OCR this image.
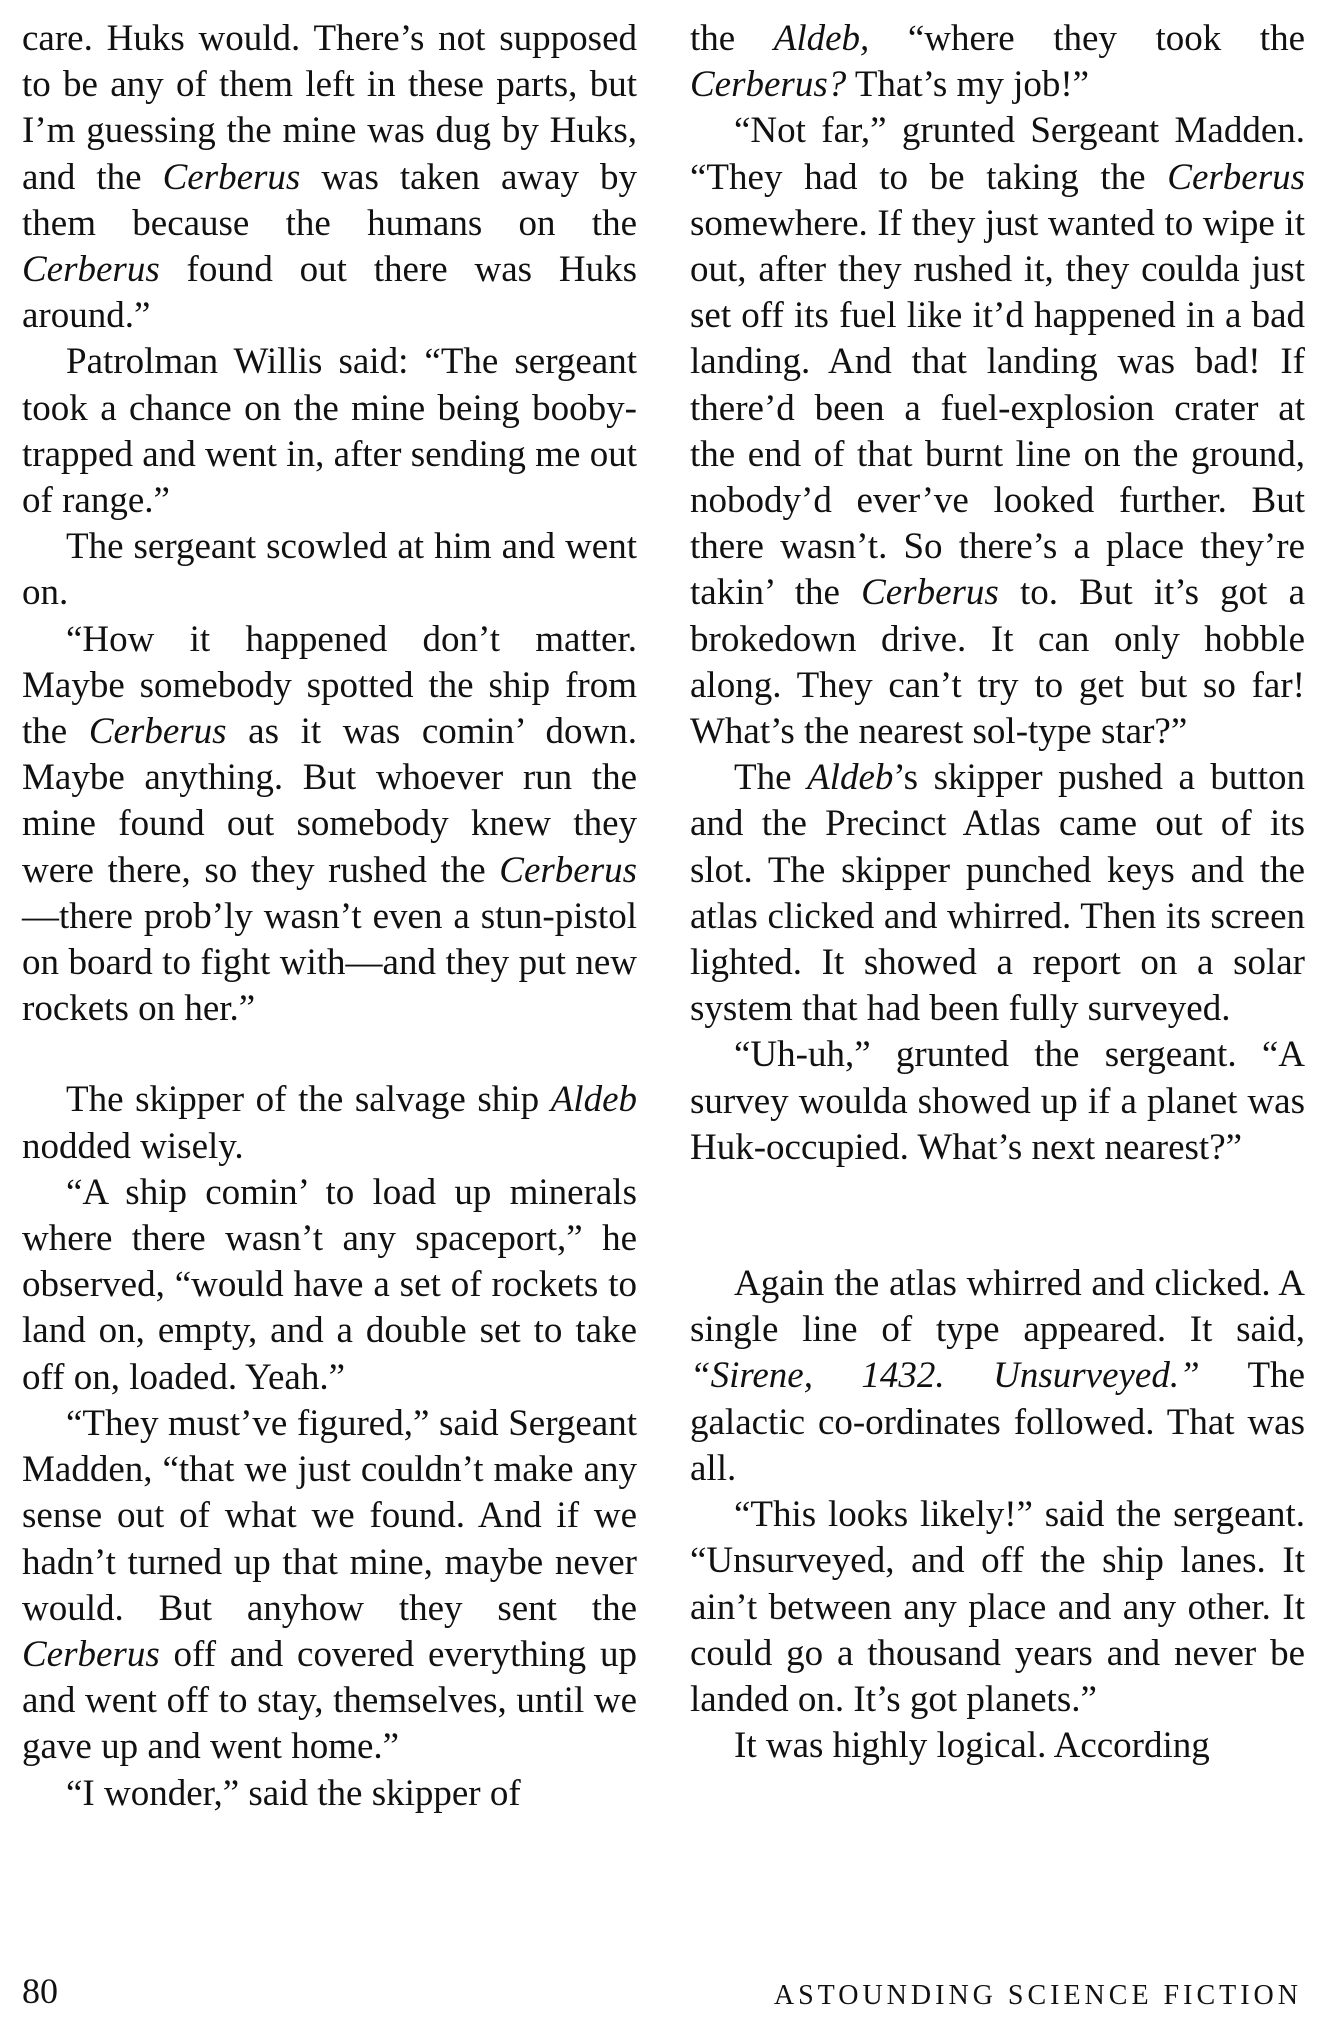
care. Huks would. There’s not supposed to be any of them left in these parts, but I’m guessing the mine was dug by Huks, and the Cerberus was taken away by them because the humans on the Cerberus found out there was Huks around.”

Patrolman Willis said: “The sergeant took a chance on the mine being booby-trapped and went in, after sending me out of range.”

The sergeant scowled at him and went on.

“How it happened don’t matter. Maybe somebody spotted the ship from the Cerberus as it was comin’ down. Maybe anything. But whoever run the mine found out somebody knew they were there, so they rushed the Cerberus—there prob’ly wasn’t even a stun-pistol on board to fight with—and they put new rockets on her.”

The skipper of the salvage ship Aldeb nodded wisely.

“A ship comin’ to load up minerals where there wasn’t any spaceport,” he observed, “would have a set of rockets to land on, empty, and a double set to take off on, loaded. Yeah.”

“They must’ve figured,” said Sergeant Madden, “that we just couldn’t make any sense out of what we found. And if we hadn’t turned up that mine, maybe never would. But anyhow they sent the Cerberus off and covered everything up and went off to stay, themselves, until we gave up and went home.”

“I wonder,” said the skipper of

the Aldeb, “where they took the Cerberus? That’s my job!”

“Not far,” grunted Sergeant Madden. “They had to be taking the Cerberus somewhere. If they just wanted to wipe it out, after they rushed it, they coulda just set off its fuel like it’d happened in a bad landing. And that landing was bad! If there’d been a fuel-explosion crater at the end of that burnt line on the ground, nobody’d ever’ve looked further. But there wasn’t. So there’s a place they’re takin’ the Cerberus to. But it’s got a brokedown drive. It can only hobble along. They can’t try to get but so far! What’s the nearest sol-type star?”

The Aldeb’s skipper pushed a button and the Precinct Atlas came out of its slot. The skipper punched keys and the atlas clicked and whirred. Then its screen lighted. It showed a report on a solar system that had been fully surveyed.

“Uh-uh,” grunted the sergeant. “A survey woulda showed up if a planet was Huk-occupied. What’s next nearest?”

Again the atlas whirred and clicked. A single line of type appeared. It said, “Sirene, 1432. Unsurveyed.” The galactic co-ordinates followed. That was all.

“This looks likely!” said the sergeant. “Unsurveyed, and off the ship lanes. It ain’t between any place and any other. It could go a thousand years and never be landed on. It’s got planets.”

It was highly logical. According

80	ASTOUNDING SCIENCE FICTION
